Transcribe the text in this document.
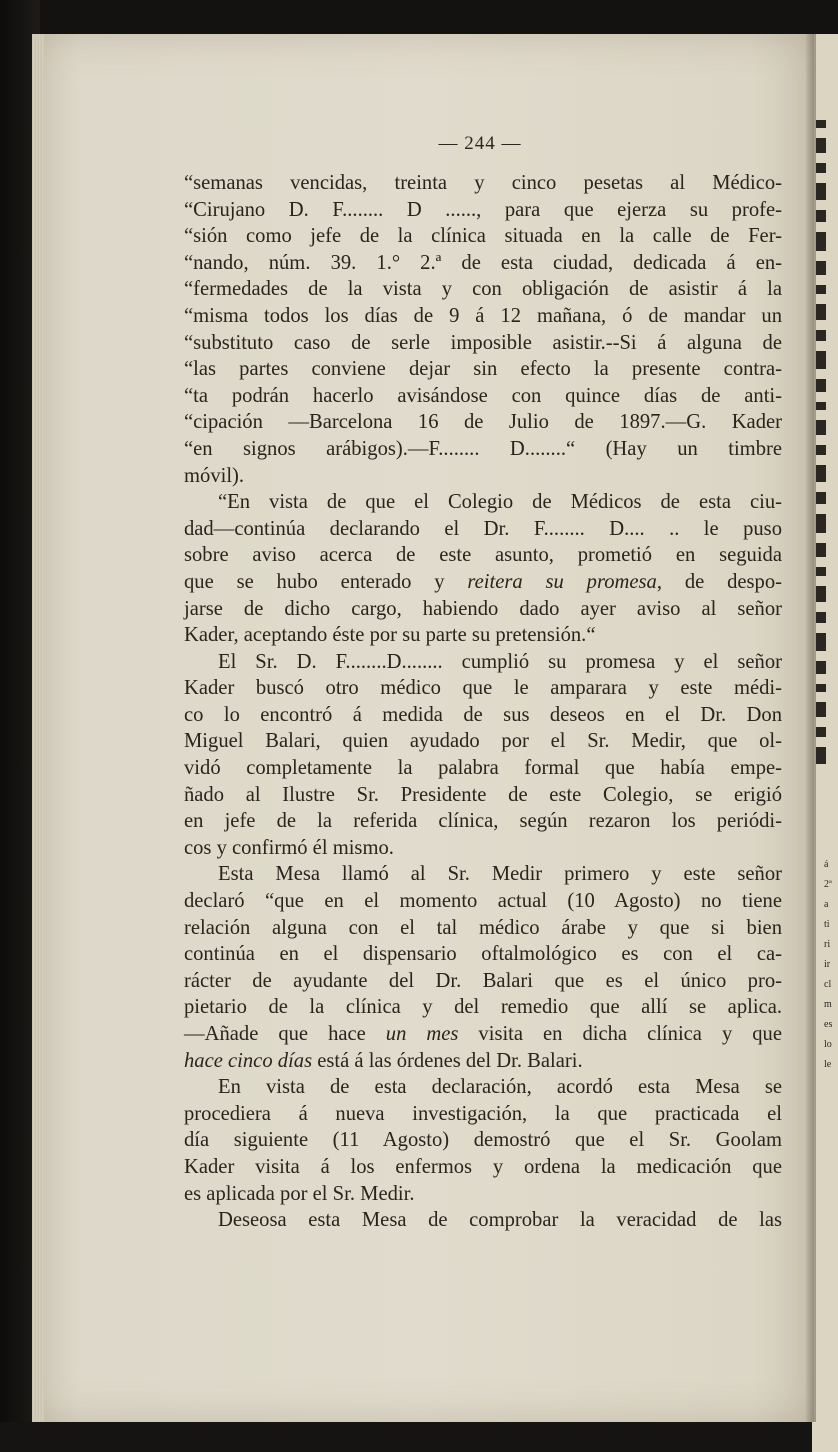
á
2ª
a
ti
ri
ir
cl
m
es
lo
le
— 244 —
“semanas vencidas, treinta y cinco pesetas al Médico-
“Cirujano D. F........ D ......, para que ejerza su profe-
“sión como jefe de la clínica situada en la calle de Fer-
“nando, núm. 39. 1.° 2.ª de esta ciudad, dedicada á en-
“fermedades de la vista y con obligación de asistir á la
“misma todos los días de 9 á 12 mañana, ó de mandar un
“substituto caso de serle imposible asistir.--Si á alguna de
“las partes conviene dejar sin efecto la presente contra-
“ta podrán hacerlo avisándose con quince días de anti-
“cipación —Barcelona 16 de Julio de 1897.—G. Kader
“en signos arábigos).—F........ D........“ (Hay un timbre
móvil).
“En vista de que el Colegio de Médicos de esta ciu-
dad—continúa declarando el Dr. F........ D.... .. le puso
sobre aviso acerca de este asunto, prometió en seguida
que se hubo enterado y reitera su promesa, de despo-
jarse de dicho cargo, habiendo dado ayer aviso al señor
Kader, aceptando éste por su parte su pretensión.“
El Sr. D. F........D........ cumplió su promesa y el señor
Kader buscó otro médico que le amparara y este médi-
co lo encontró á medida de sus deseos en el Dr. Don
Miguel Balari, quien ayudado por el Sr. Medir, que ol-
vidó completamente la palabra formal que había empe-
ñado al Ilustre Sr. Presidente de este Colegio, se erigió
en jefe de la referida clínica, según rezaron los periódi-
cos y confirmó él mismo.
Esta Mesa llamó al Sr. Medir primero y este señor
declaró “que en el momento actual (10 Agosto) no tiene
relación alguna con el tal médico árabe y que si bien
continúa en el dispensario oftalmológico es con el ca-
rácter de ayudante del Dr. Balari que es el único pro-
pietario de la clínica y del remedio que allí se aplica.
—Añade que hace un mes visita en dicha clínica y que
hace cinco días está á las órdenes del Dr. Balari.
En vista de esta declaración, acordó esta Mesa se
procediera á nueva investigación, la que practicada el
día siguiente (11 Agosto) demostró que el Sr. Goolam
Kader visita á los enfermos y ordena la medicación que
es aplicada por el Sr. Medir.
Deseosa esta Mesa de comprobar la veracidad de las
